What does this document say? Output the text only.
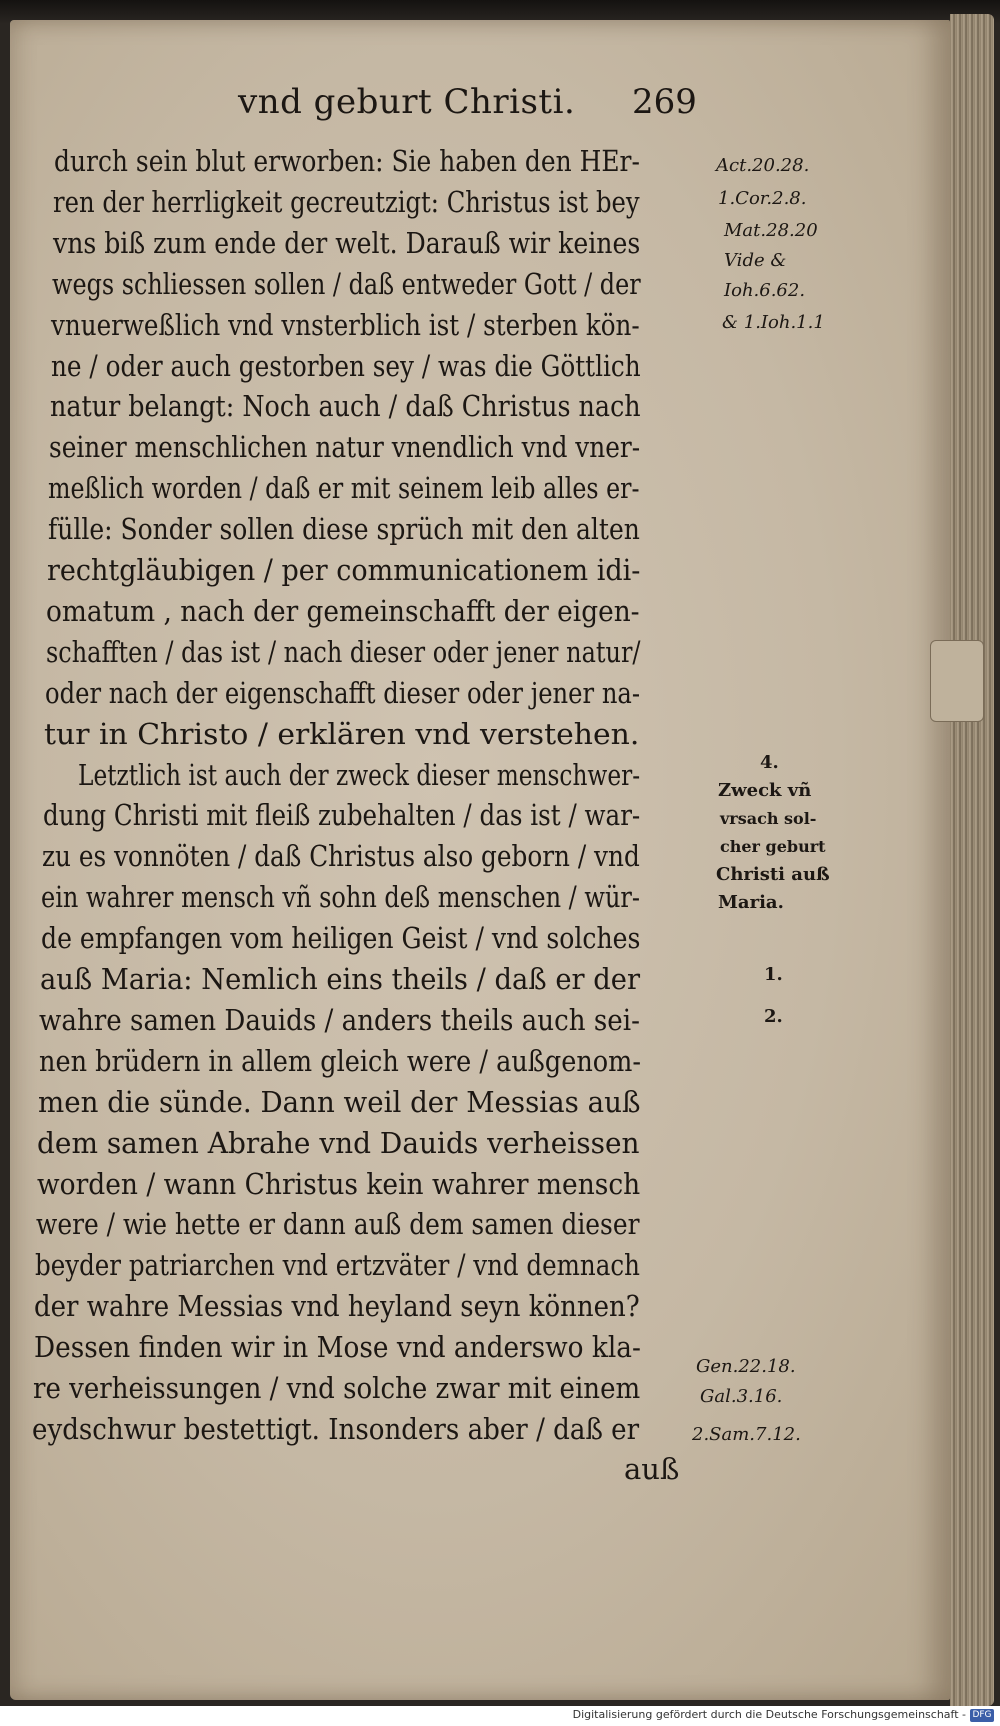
vnd geburt Christi. 269
durch sein blut erworben: Sie haben den HEr-
ren der herrligkeit gecreutzigt: Christus ist bey
vns biß zum ende der welt. Darauß wir keines
wegs schliessen sollen / daß entweder Gott / der
vnuerweßlich vnd vnsterblich ist / sterben kön-
ne / oder auch gestorben sey / was die Göttlich
natur belangt: Noch auch / daß Christus nach
seiner menschlichen natur vnendlich vnd vner-
meßlich worden / daß er mit seinem leib alles er-
fülle: Sonder sollen diese sprüch mit den alten
rechtgläubigen / per communicationem idi-
omatum , nach der gemeinschafft der eigen-
schafften / das ist / nach dieser oder jener natur/
oder nach der eigenschafft dieser oder jener na-
tur in Christo / erklären vnd verstehen.
Letztlich ist auch der zweck dieser menschwer-
dung Christi mit fleiß zubehalten / das ist / war-
zu es vonnöten / daß Christus also geborn / vnd
ein wahrer mensch vñ sohn deß menschen / wür-
de empfangen vom heiligen Geist / vnd solches
auß Maria: Nemlich eins theils / daß er der
wahre samen Dauids / anders theils auch sei-
nen brüdern in allem gleich were / außgenom-
men die sünde. Dann weil der Messias auß
dem samen Abrahe vnd Dauids verheissen
worden / wann Christus kein wahrer mensch
were / wie hette er dann auß dem samen dieser
beyder patriarchen vnd ertzväter / vnd demnach
der wahre Messias vnd heyland seyn können?
Dessen finden wir in Mose vnd anderswo kla-
re verheissungen / vnd solche zwar mit einem
eydschwur bestettigt. Insonders aber / daß er
auß
Act.20.28.
1.Cor.2.8.
Mat.28.20
Vide &
Ioh.6.62.
& 1.Ioh.1.1
4.
Zweck vñ
vrsach sol-
cher geburt
Christi auß
Maria.
1.
2.
Gen.22.18.
Gal.3.16.
2.Sam.7.12.
Digitalisierung gefördert durch die Deutsche Forschungsgemeinschaft - DFG
